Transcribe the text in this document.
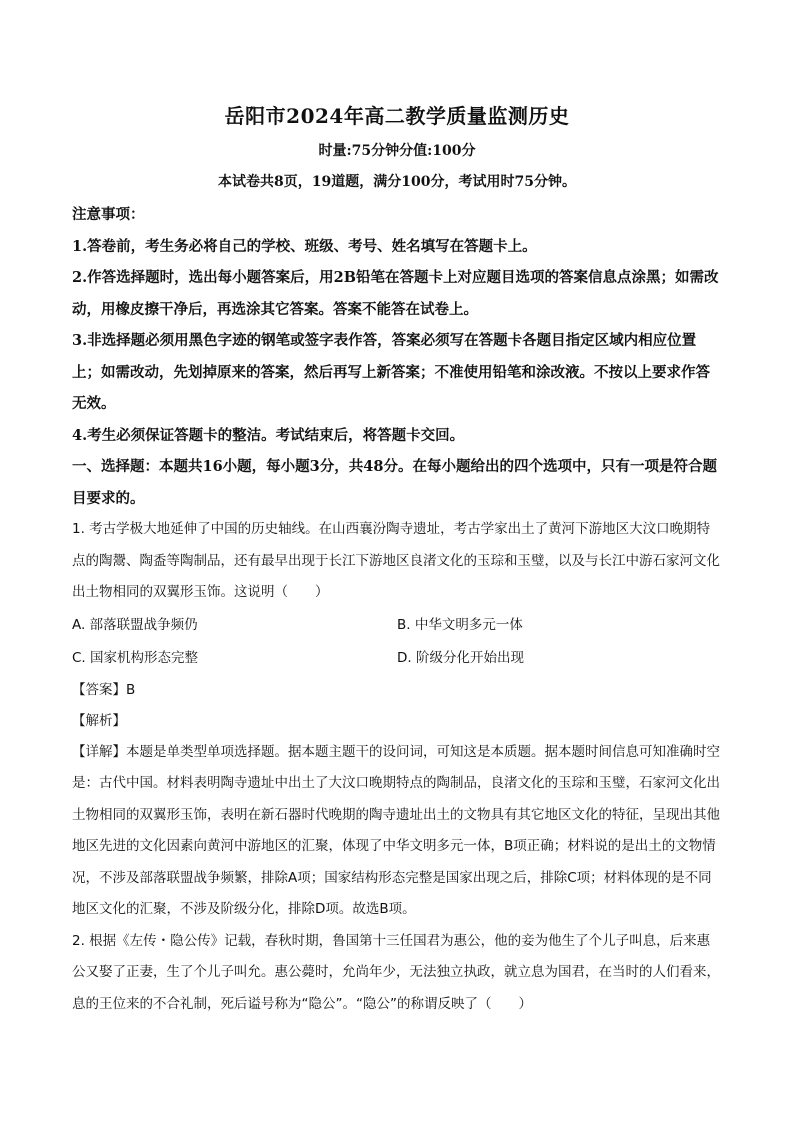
岳阳市2024年高二教学质量监测历史
时量:75分钟分值:100分
本试卷共8页，19道题，满分100分，考试用时75分钟。

注意事项：

1.答卷前，考生务必将自己的学校、班级、考号、姓名填写在答题卡上。

2.作答选择题时，选出每小题答案后，用2B铅笔在答题卡上对应题目选项的答案信息点涂黑；如需改动，用橡皮擦干净后，再选涂其它答案。答案不能答在试卷上。

3.非选择题必须用黑色字迹的钢笔或签字表作答，答案必须写在答题卡各题目指定区域内相应位置上；如需改动，先划掉原来的答案，然后再写上新答案；不准使用铅笔和涂改液。不按以上要求作答无效。

4.考生必须保证答题卡的整洁。考试结束后，将答题卡交回。

一、选择题：本题共16小题，每小题3分，共48分。在每小题给出的四个选项中，只有一项是符合题目要求的。

1. 考古学极大地延伸了中国的历史轴线。在山西襄汾陶寺遗址，考古学家出土了黄河下游地区大汶口晚期特点的陶鬶、陶盉等陶制品，还有最早出现于长江下游地区良渚文化的玉琮和玉璧，以及与长江中游石家河文化出土物相同的双翼形玉饰。这说明（　　）

A. 部落联盟战争频仍	B. 中华文明多元一体
C. 国家机构形态完整	D. 阶级分化开始出现

【答案】B

【解析】

【详解】本题是单类型单项选择题。据本题主题干的设问词，可知这是本质题。据本题时间信息可知准确时空是：古代中国。材料表明陶寺遗址中出土了大汶口晚期特点的陶制品，良渚文化的玉琮和玉璧，石家河文化出土物相同的双翼形玉饰，表明在新石器时代晚期的陶寺遗址出土的文物具有其它地区文化的特征，呈现出其他地区先进的文化因素向黄河中游地区的汇聚，体现了中华文明多元一体，B项正确；材料说的是出土的文物情况，不涉及部落联盟战争频繁，排除A项；国家结构形态完整是国家出现之后，排除C项；材料体现的是不同地区文化的汇聚，不涉及阶级分化，排除D项。故选B项。

2. 根据《左传・隐公传》记载，春秋时期，鲁国第十三任国君为惠公，他的妾为他生了个儿子叫息，后来惠公又娶了正妻，生了个儿子叫允。惠公薨时，允尚年少，无法独立执政，就立息为国君，在当时的人们看来，息的王位来的不合礼制，死后谥号称为“隐公”。“隐公”的称谓反映了（　　）
